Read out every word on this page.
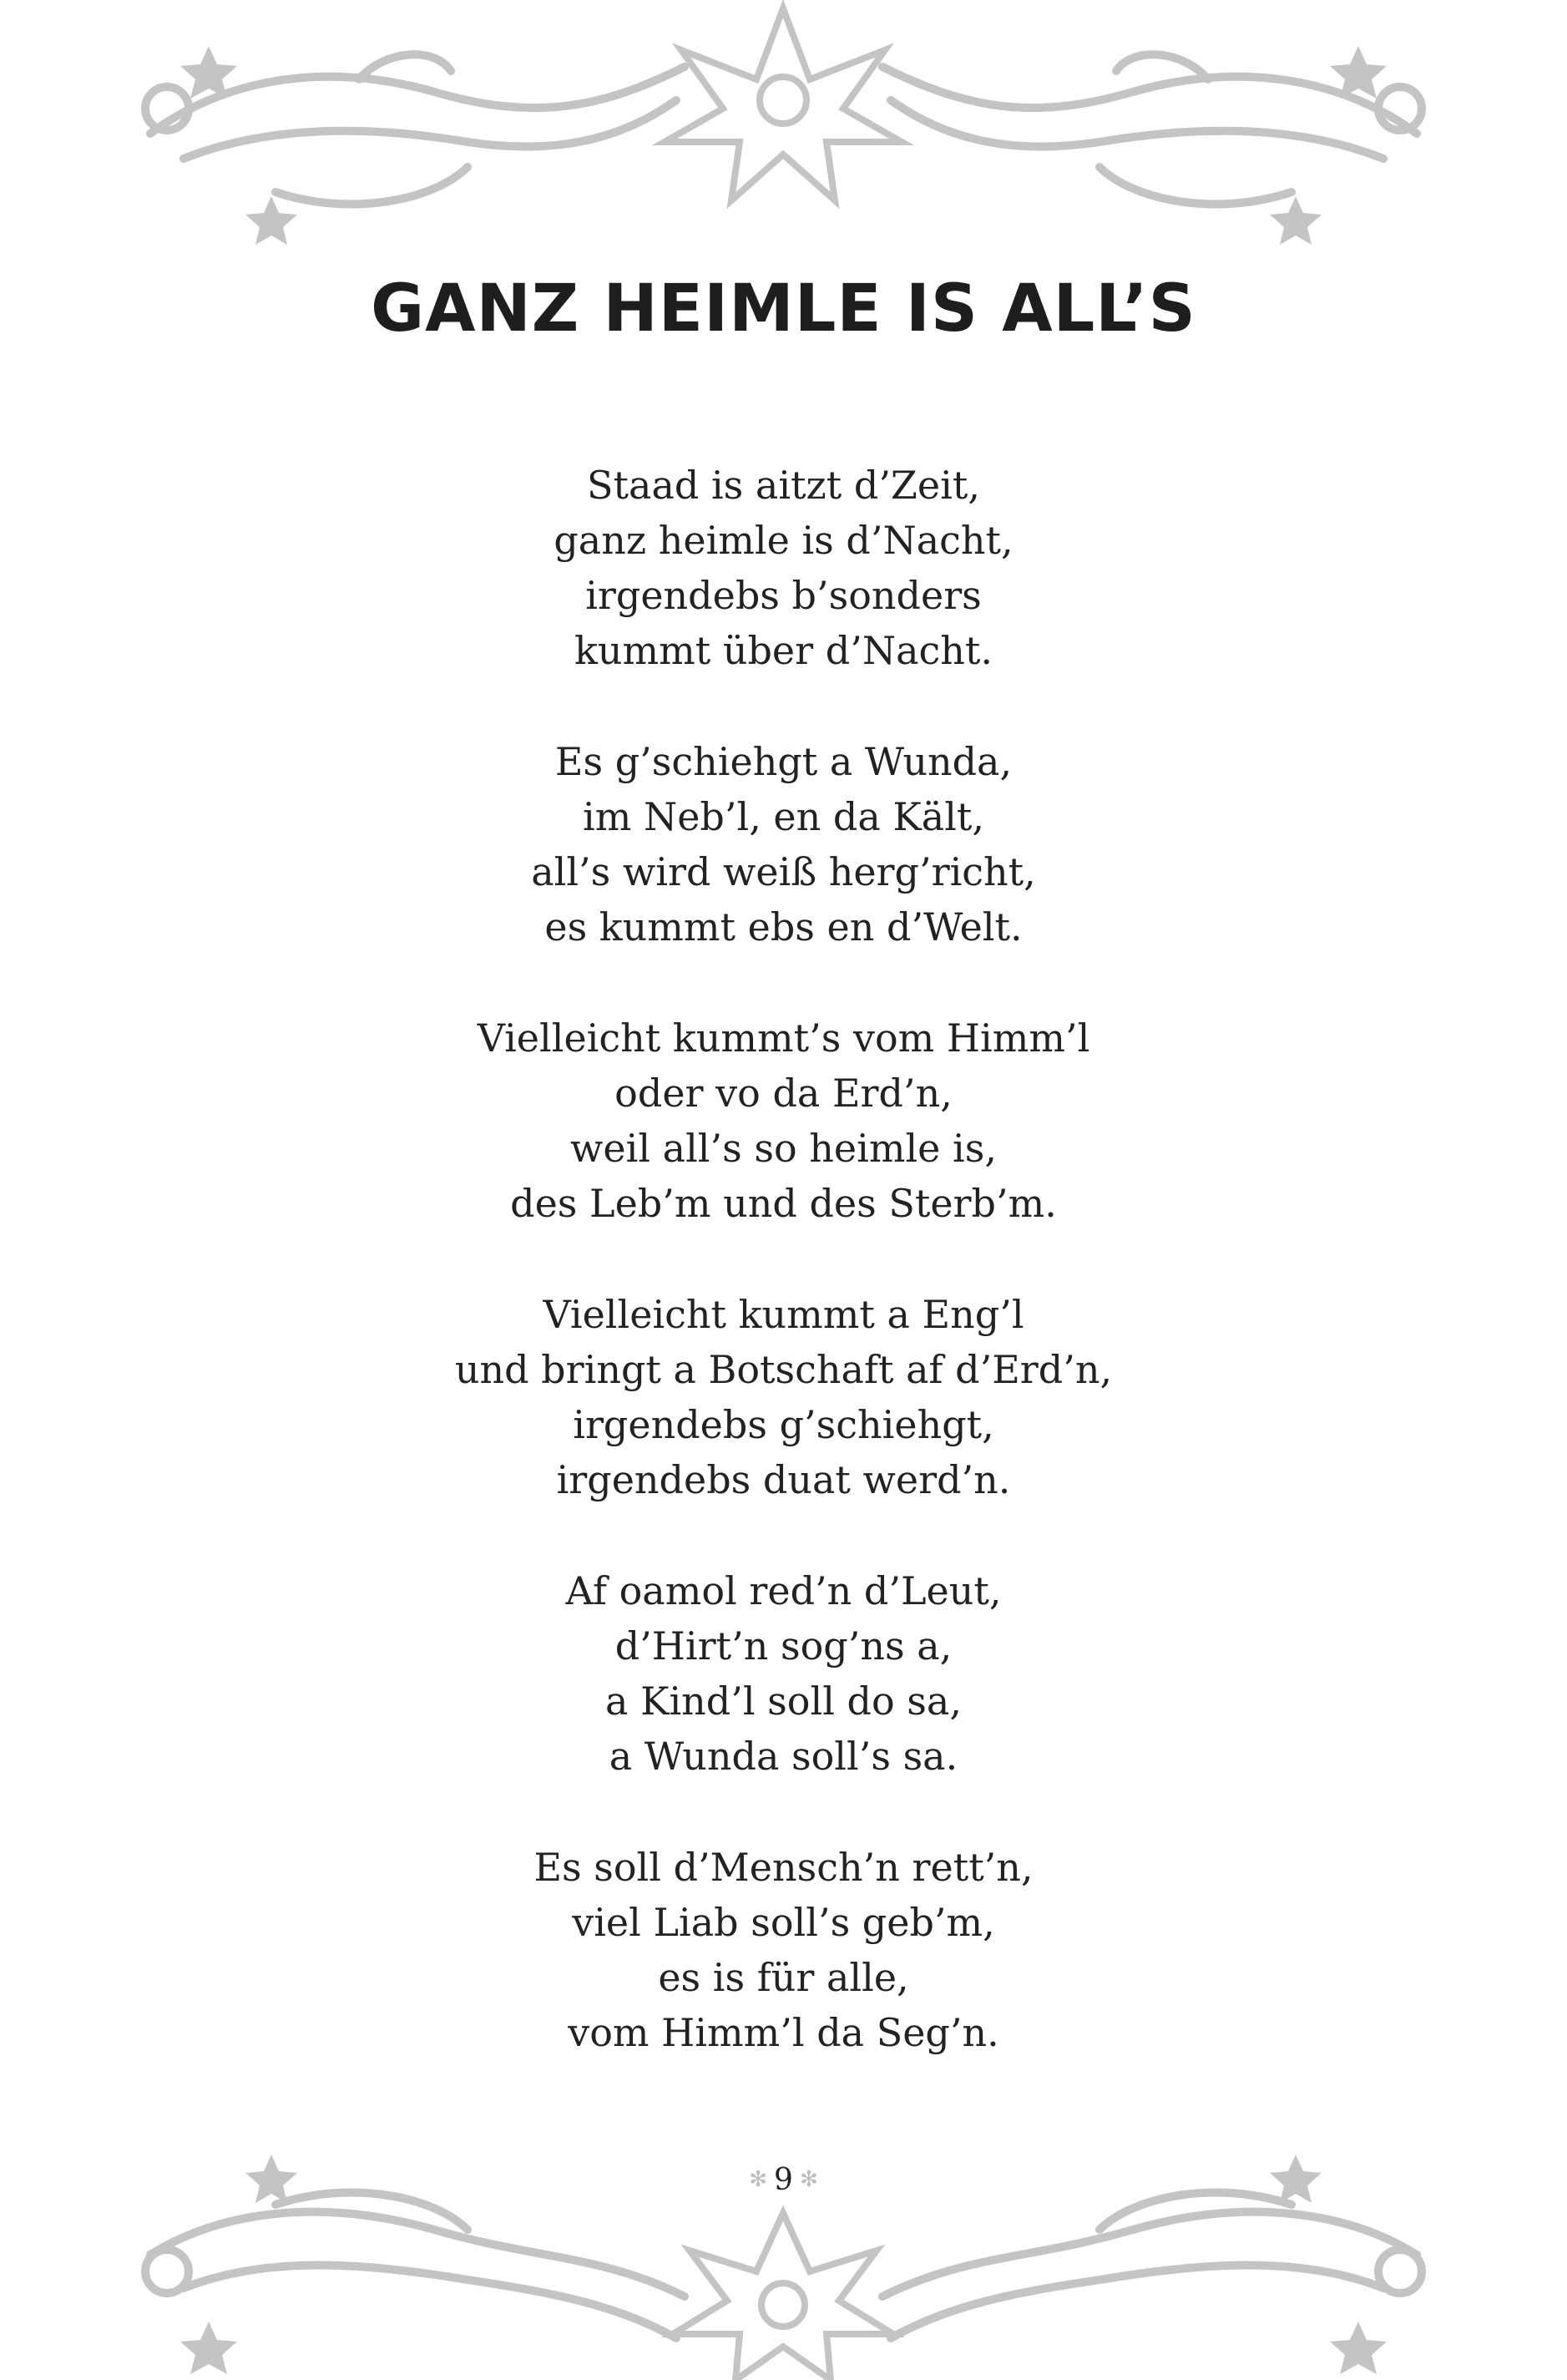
GANZ HEIMLE IS ALL’S
Staad is aitzt d’Zeit,
ganz heimle is d’Nacht,
irgendebs b’sonders
kummt über d’Nacht.
Es g’schiehgt a Wunda,
im Neb’l, en da Kält,
all’s wird weiß herg’richt,
es kummt ebs en d’Welt.
Vielleicht kummt’s vom Himm’l
oder vo da Erd’n,
weil all’s so heimle is,
des Leb’m und des Sterb’m.
Vielleicht kummt a Eng’l
und bringt a Botschaft af d’Erd’n,
irgendebs g’schiehgt,
irgendebs duat werd’n.
Af oamol red’n d’Leut,
d’Hirt’n sog’ns a,
a Kind’l soll do sa,
a Wunda soll’s sa.
Es soll d’Mensch’n rett’n,
viel Liab soll’s geb’m,
es is für alle,
vom Himm’l da Seg’n.
✻ 9 ✻
